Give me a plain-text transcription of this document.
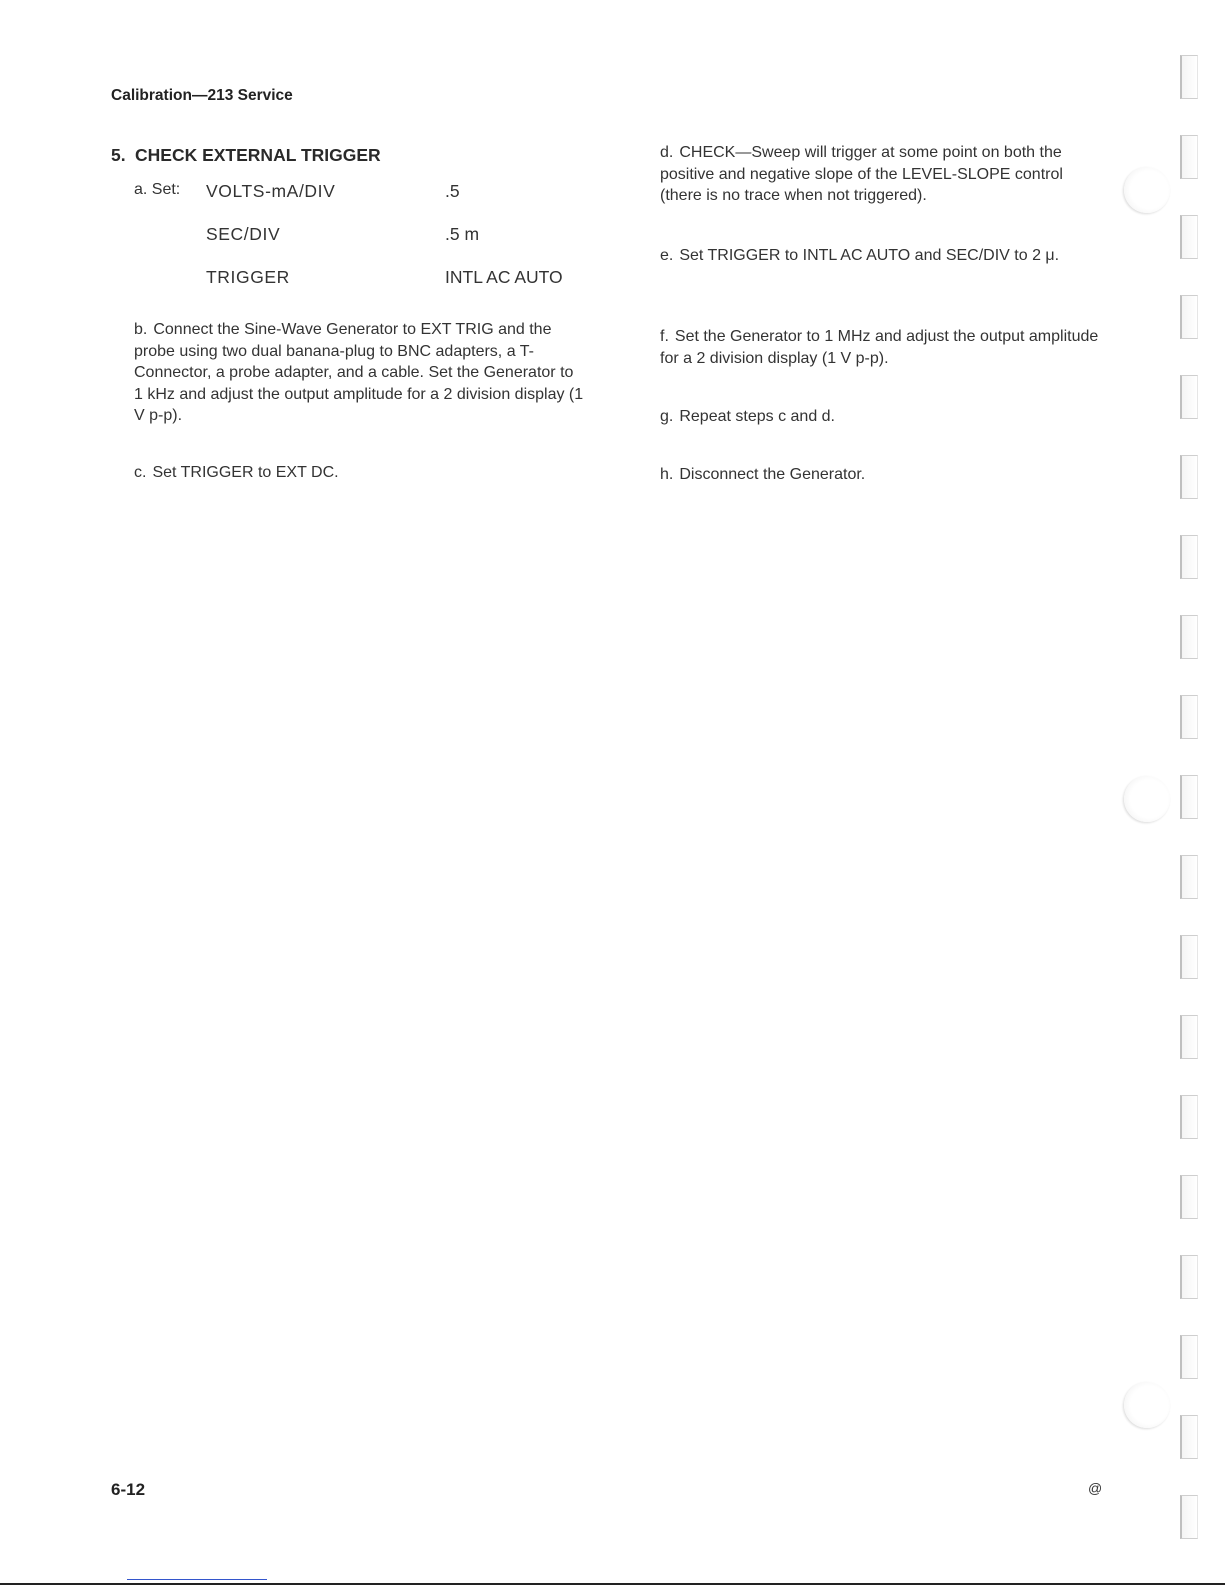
Calibration—213 Service
5. CHECK EXTERNAL TRIGGER
a. Set: VOLTS-mA/DIV	.5
SEC/DIV	.5 m
TRIGGER	INTL AC AUTO

b. Connect the Sine-Wave Generator to EXT TRIG and the probe using two dual banana-plug to BNC adapters, a T-Connector, a probe adapter, and a cable. Set the Generator to 1 kHz and adjust the output amplitude for a 2 division display (1 V p-p).

c. Set TRIGGER to EXT DC.

d. CHECK—Sweep will trigger at some point on both the positive and negative slope of the LEVEL-SLOPE control (there is no trace when not triggered).

e. Set TRIGGER to INTL AC AUTO and SEC/DIV to 2 μ.

f. Set the Generator to 1 MHz and adjust the output amplitude for a 2 division display (1 V p-p).

g. Repeat steps c and d.

h. Disconnect the Generator.

6-12	@
